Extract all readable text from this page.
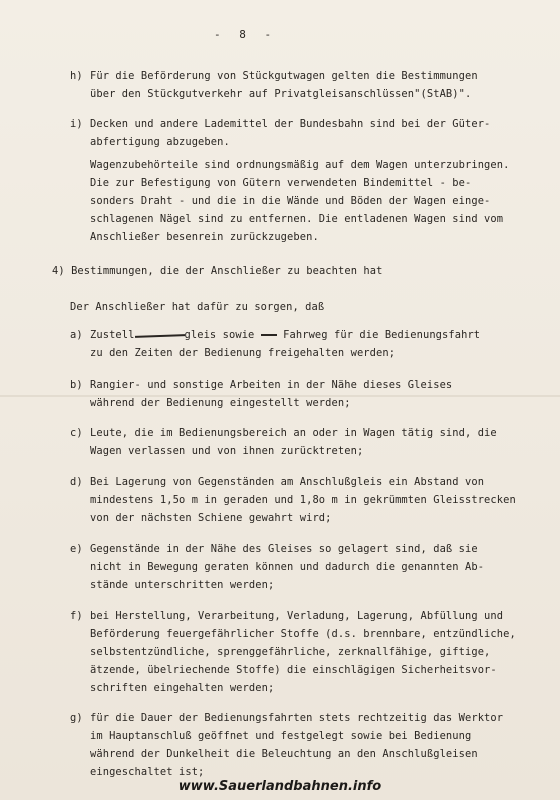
- 8 -
h) Für die Beförderung von Stückgutwagen gelten die Bestimmungen
über den Stückgutverkehr auf Privatgleisanschlüssen"(StAB)".
i) Decken und andere Lademittel der Bundesbahn sind bei der Güter-
abfertigung abzugeben.
Wagenzubehörteile sind ordnungsmäßig auf dem Wagen unterzubringen.
Die zur Befestigung von Gütern verwendeten Bindemittel - be-
sonders Draht - und die in die Wände und Böden der Wagen einge-
schlagenen Nägel sind zu entfernen. Die entladenen Wagen sind vom
Anschließer besenrein zurückzugeben.
4) Bestimmungen, die der Anschließer zu beachten hat
Der Anschließer hat dafür zu sorgen, daß
a) Zustell	gleis sowie	Fahrweg für die Bedienungsfahrt
zu den Zeiten der Bedienung freigehalten werden;
b) Rangier- und sonstige Arbeiten in der Nähe dieses Gleises
während der Bedienung eingestellt werden;
c) Leute, die im Bedienungsbereich an oder in Wagen tätig sind, die
Wagen verlassen und von ihnen zurücktreten;
d) Bei Lagerung von Gegenständen am Anschlußgleis ein Abstand von
mindestens 1,5o m in geraden und 1,8o m in gekrümmten Gleisstrecken
von der nächsten Schiene gewahrt wird;
e) Gegenstände in der Nähe des Gleises so gelagert sind, daß sie
nicht in Bewegung geraten können und dadurch die genannten Ab-
stände unterschritten werden;
f) bei Herstellung, Verarbeitung, Verladung, Lagerung, Abfüllung und
Beförderung feuergefährlicher Stoffe (d.s. brennbare, entzündliche,
selbstentzündliche, sprenggefährliche, zerknallfähige, giftige,
ätzende, übelriechende Stoffe) die einschlägigen Sicherheitsvor-
schriften eingehalten werden;
g) für die Dauer der Bedienungsfahrten stets rechtzeitig das Werktor
im Hauptanschluß geöffnet und festgelegt sowie bei Bedienung
während der Dunkelheit die Beleuchtung an den Anschlußgleisen
eingeschaltet ist;
www.Sauerlandbahnen.info
